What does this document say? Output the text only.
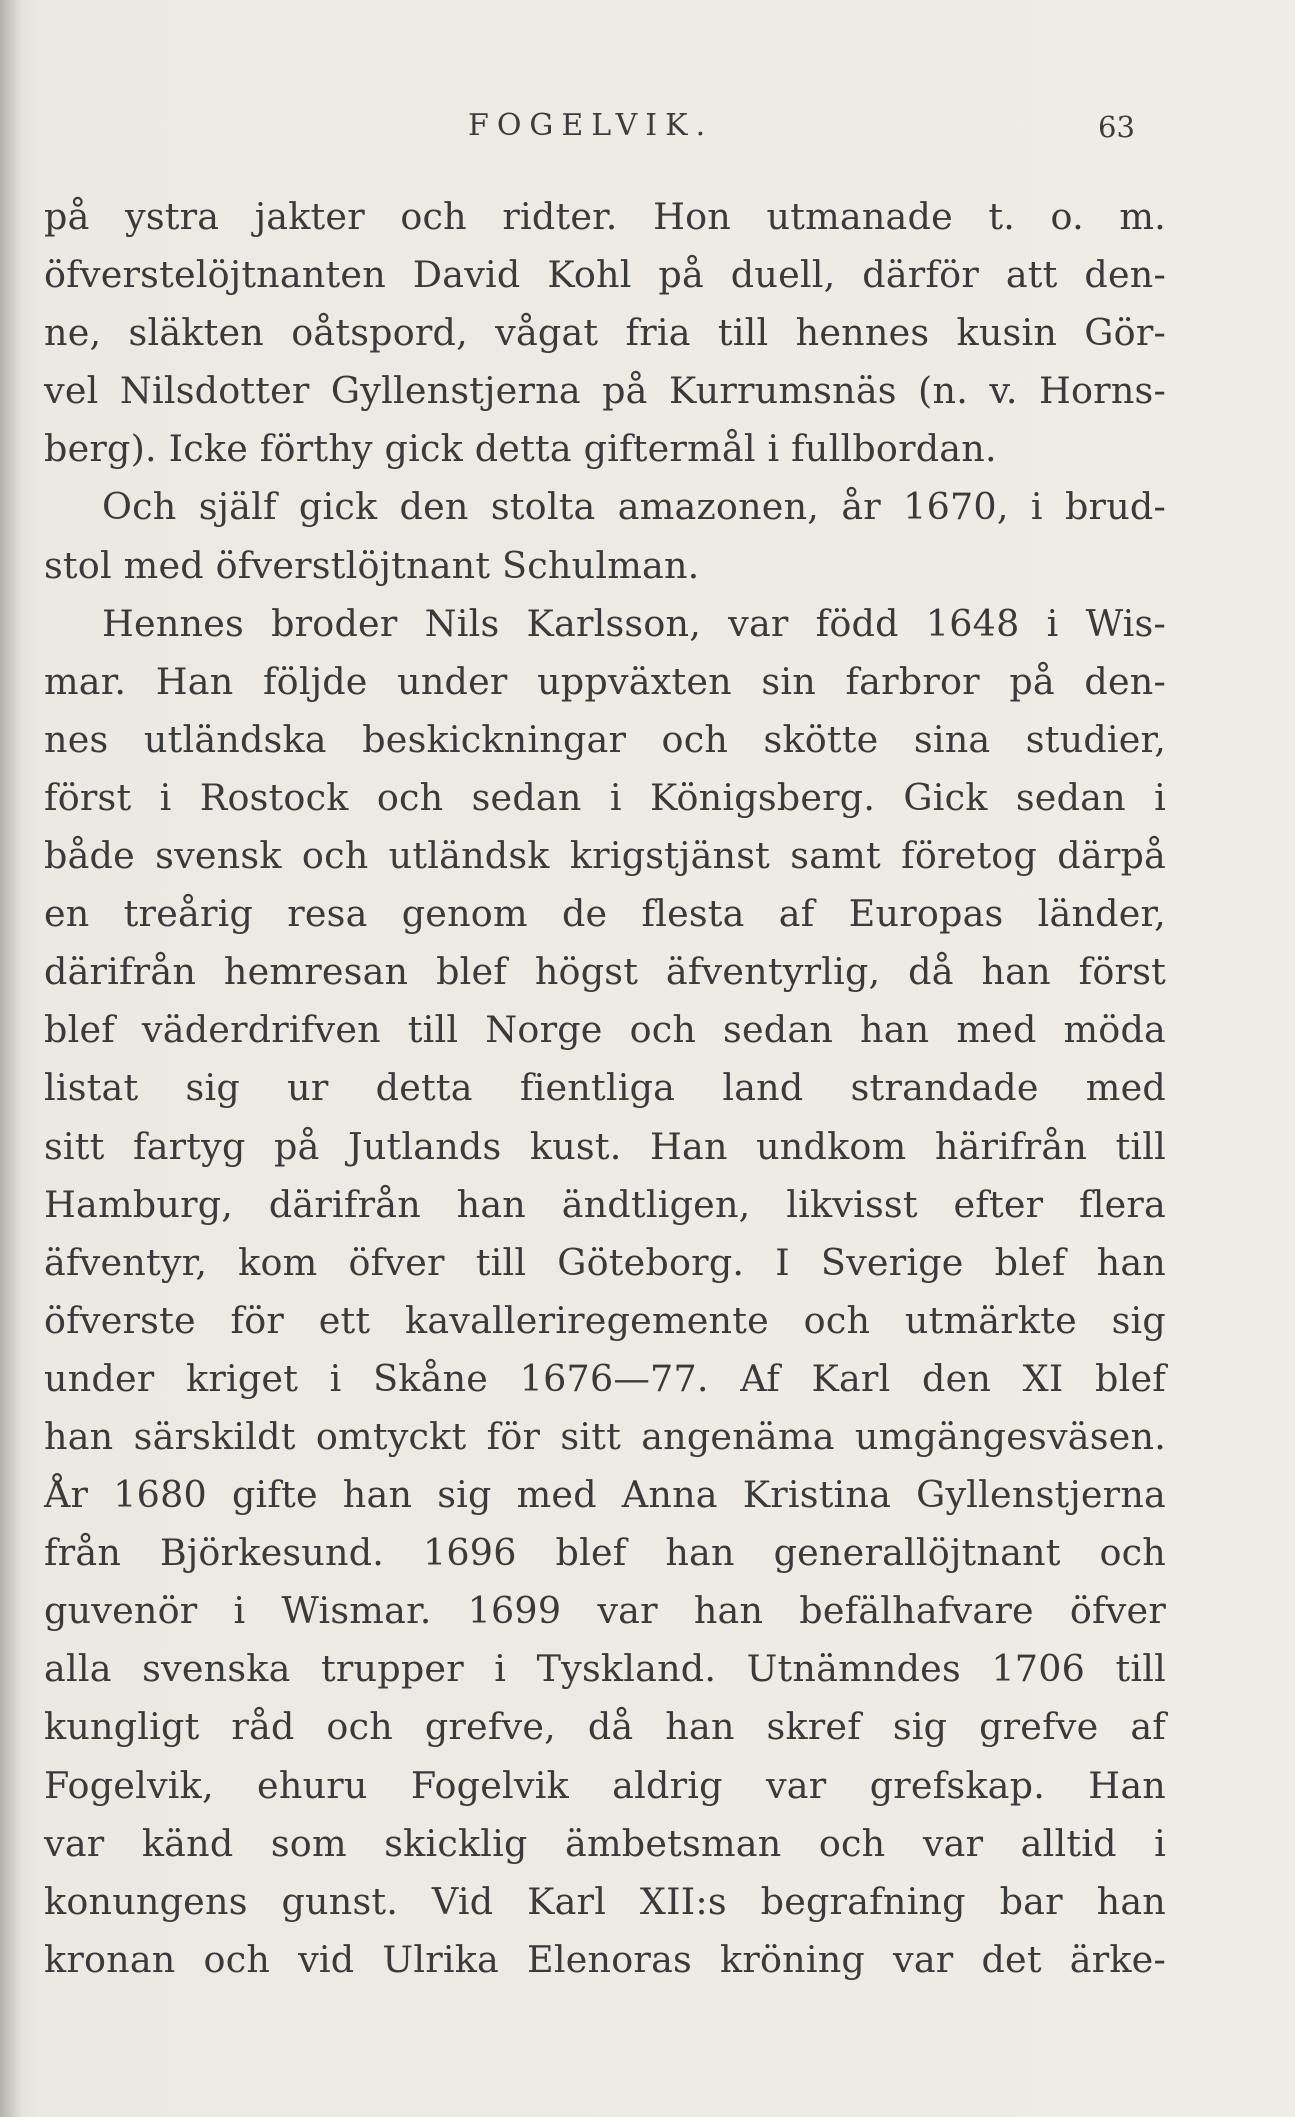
FOGELVIK.	63
på ystra jakter och ridter. Hon utmanade t. o. m.
öfverstelöjtnanten David Kohl på duell, därför att den-
ne, släkten oåtspord, vågat fria till hennes kusin Gör-
vel Nilsdotter Gyllenstjerna på Kurrumsnäs (n. v. Horns-
berg). Icke förthy gick detta giftermål i fullbordan.
Och själf gick den stolta amazonen, år 1670, i brud-
stol med öfverstlöjtnant Schulman.
Hennes broder Nils Karlsson, var född 1648 i Wis-
mar. Han följde under uppväxten sin farbror på den-
nes utländska beskickningar och skötte sina studier,
först i Rostock och sedan i Königsberg. Gick sedan i
både svensk och utländsk krigstjänst samt företog därpå
en treårig resa genom de flesta af Europas länder,
därifrån hemresan blef högst äfventyrlig, då han först
blef väderdrifven till Norge och sedan han med möda
listat sig ur detta fientliga land strandade med
sitt fartyg på Jutlands kust. Han undkom härifrån till
Hamburg, därifrån han ändtligen, likvisst efter flera
äfventyr, kom öfver till Göteborg. I Sverige blef han
öfverste för ett kavalleriregemente och utmärkte sig
under kriget i Skåne 1676—77. Af Karl den XI blef
han särskildt omtyckt för sitt angenäma umgängesväsen.
År 1680 gifte han sig med Anna Kristina Gyllenstjerna
från Björkesund. 1696 blef han generallöjtnant och
guvenör i Wismar. 1699 var han befälhafvare öfver
alla svenska trupper i Tyskland. Utnämndes 1706 till
kungligt råd och grefve, då han skref sig grefve af
Fogelvik, ehuru Fogelvik aldrig var grefskap. Han
var känd som skicklig ämbetsman och var alltid i
konungens gunst. Vid Karl XII:s begrafning bar han
kronan och vid Ulrika Elenoras kröning var det ärke-
